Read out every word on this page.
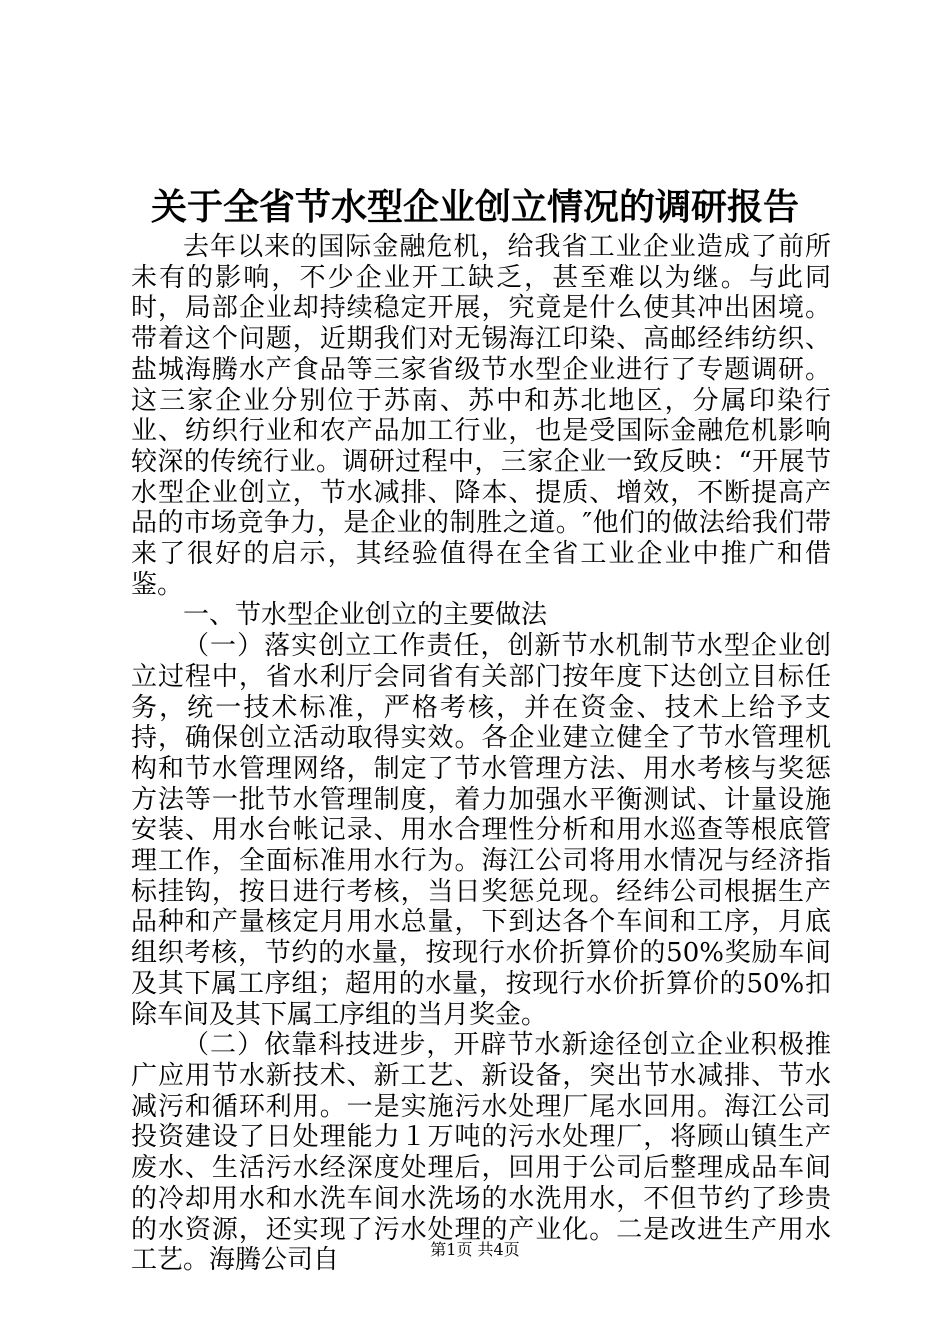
关于全省节水型企业创立情况的调研报告

去年以来的国际金融危机，给我省工业企业造成了前所未有的影响，不少企业开工缺乏，甚至难以为继。与此同时，局部企业却持续稳定开展，究竟是什么使其冲出困境。带着这个问题，近期我们对无锡海江印染、高邮经纬纺织、盐城海腾水产食品等三家省级节水型企业进行了专题调研。这三家企业分别位于苏南、苏中和苏北地区，分属印染行业、纺织行业和农产品加工行业，也是受国际金融危机影响较深的传统行业。调研过程中，三家企业一致反映：“开展节水型企业创立，节水减排、降本、提质、增效，不断提高产品的市场竞争力，是企业的制胜之道。″他们的做法给我们带来了很好的启示，其经验值得在全省工业企业中推广和借鉴。

一、节水型企业创立的主要做法

（一）落实创立工作责任，创新节水机制节水型企业创立过程中，省水利厅会同省有关部门按年度下达创立目标任务，统一技术标准，严格考核，并在资金、技术上给予支持，确保创立活动取得实效。各企业建立健全了节水管理机构和节水管理网络，制定了节水管理方法、用水考核与奖惩方法等一批节水管理制度，着力加强水平衡测试、计量设施安装、用水台帐记录、用水合理性分析和用水巡查等根底管理工作，全面标准用水行为。海江公司将用水情况与经济指标挂钩，按日进行考核，当日奖惩兑现。经纬公司根据生产品种和产量核定月用水总量，下到达各个车间和工序，月底组织考核，节约的水量，按现行水价折算价的50%奖励车间及其下属工序组；超用的水量，按现行水价折算价的50%扣除车间及其下属工序组的当月奖金。

（二）依靠科技进步，开辟节水新途径创立企业积极推广应用节水新技术、新工艺、新设备，突出节水减排、节水减污和循环利用。一是实施污水处理厂尾水回用。海江公司投资建设了日处理能力１万吨的污水处理厂，将顾山镇生产废水、生活污水经深度处理后，回用于公司后整理成品车间的冷却用水和水洗车间水洗场的水洗用水，不但节约了珍贵的水资源，还实现了污水处理的产业化。二是改进生产用水工艺。海腾公司自	第1页 共4页
